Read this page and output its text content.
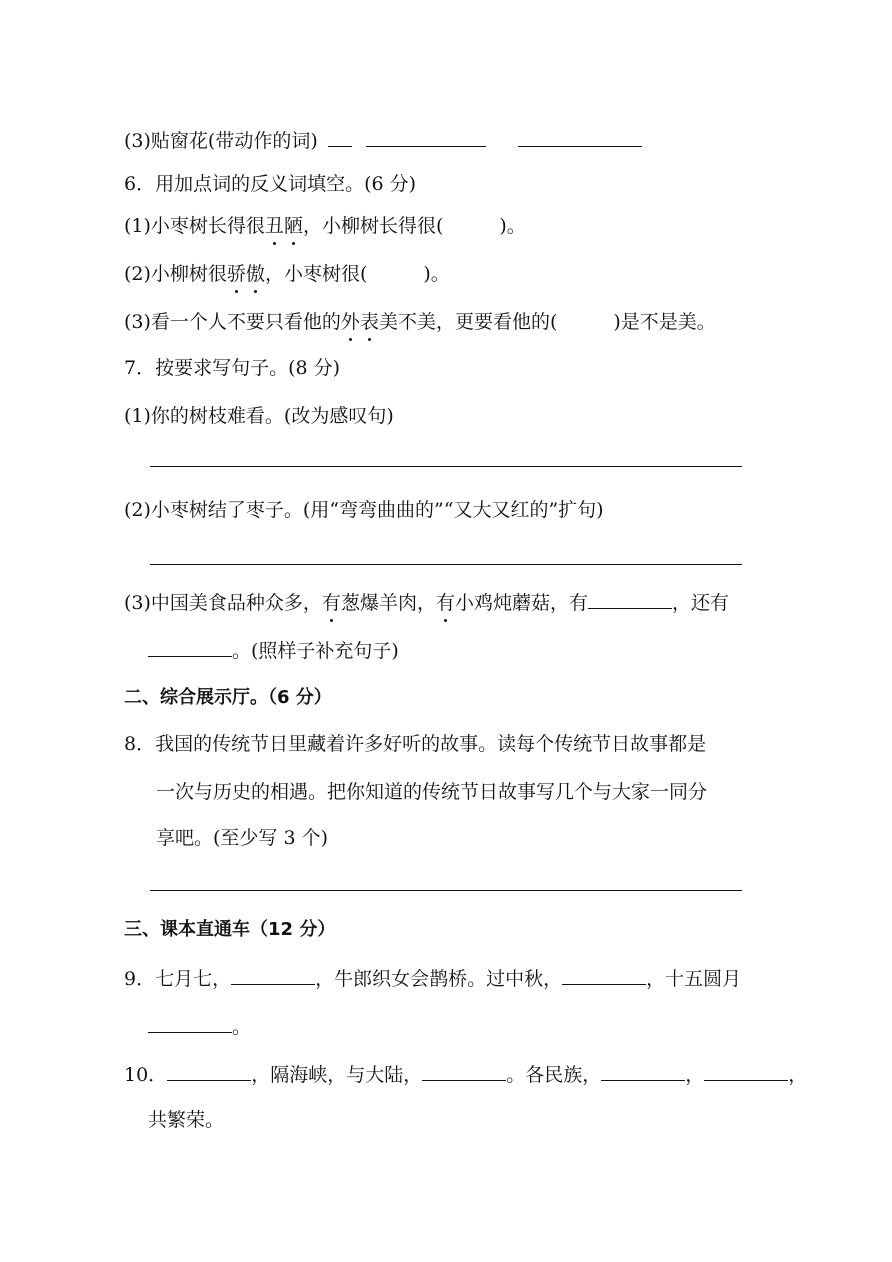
(3)贴窗花(带动作的词)
6．用加点词的反义词填空。(6 分)
(1)小枣树长得很丑陋，小柳树长得很(	)。
(2)小柳树很骄傲，小枣树很(	)。
(3)看一个人不要只看他的外表美不美，更要看他的(	)是不是美。
7．按要求写句子。(8 分)
(1)你的树枝难看。(改为感叹句)
(2)小枣树结了枣子。(用“弯弯曲曲的”“又大又红的”扩句)
(3)中国美食品种众多，有葱爆羊肉，有小鸡炖蘑菇，有	，还有
。(照样子补充句子)
二、综合展示厅。（6 分）
8．我国的传统节日里藏着许多好听的故事。读每个传统节日故事都是
一次与历史的相遇。把你知道的传统节日故事写几个与大家一同分
享吧。(至少写 3 个)
三、课本直通车（12 分）
9．七月七，	，牛郎织女会鹊桥。过中秋，	，十五圆月
。
10．	，隔海峡，与大陆，	。各民族，	，	，
共繁荣。
